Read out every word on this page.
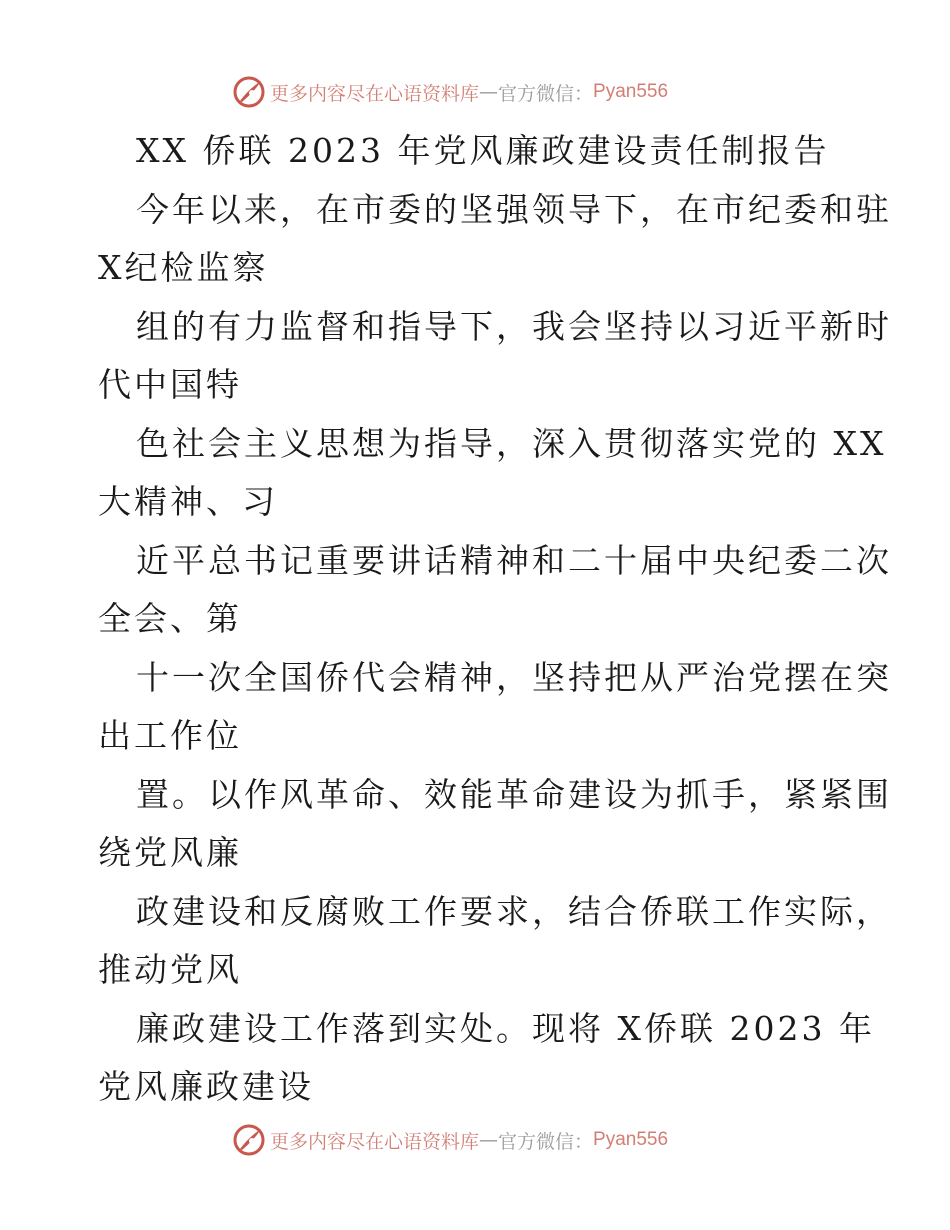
更多内容尽在心语资料库 — 官方微信： Pyan556
XX 侨联 2023 年党风廉政建设责任制报告
今年以来，在市委的坚强领导下，在市纪委和驻
X纪检监察
组的有力监督和指导下，我会坚持以习近平新时
代中国特
色社会主义思想为指导，深入贯彻落实党的 XX
大精神、习
近平总书记重要讲话精神和二十届中央纪委二次
全会、第
十一次全国侨代会精神，坚持把从严治党摆在突
出工作位
置。以作风革命、效能革命建设为抓手，紧紧围
绕党风廉
政建设和反腐败工作要求，结合侨联工作实际，
推动党风
廉政建设工作落到实处。现将 X侨联 2023 年
党风廉政建设
更多内容尽在心语资料库 — 官方微信： Pyan556
